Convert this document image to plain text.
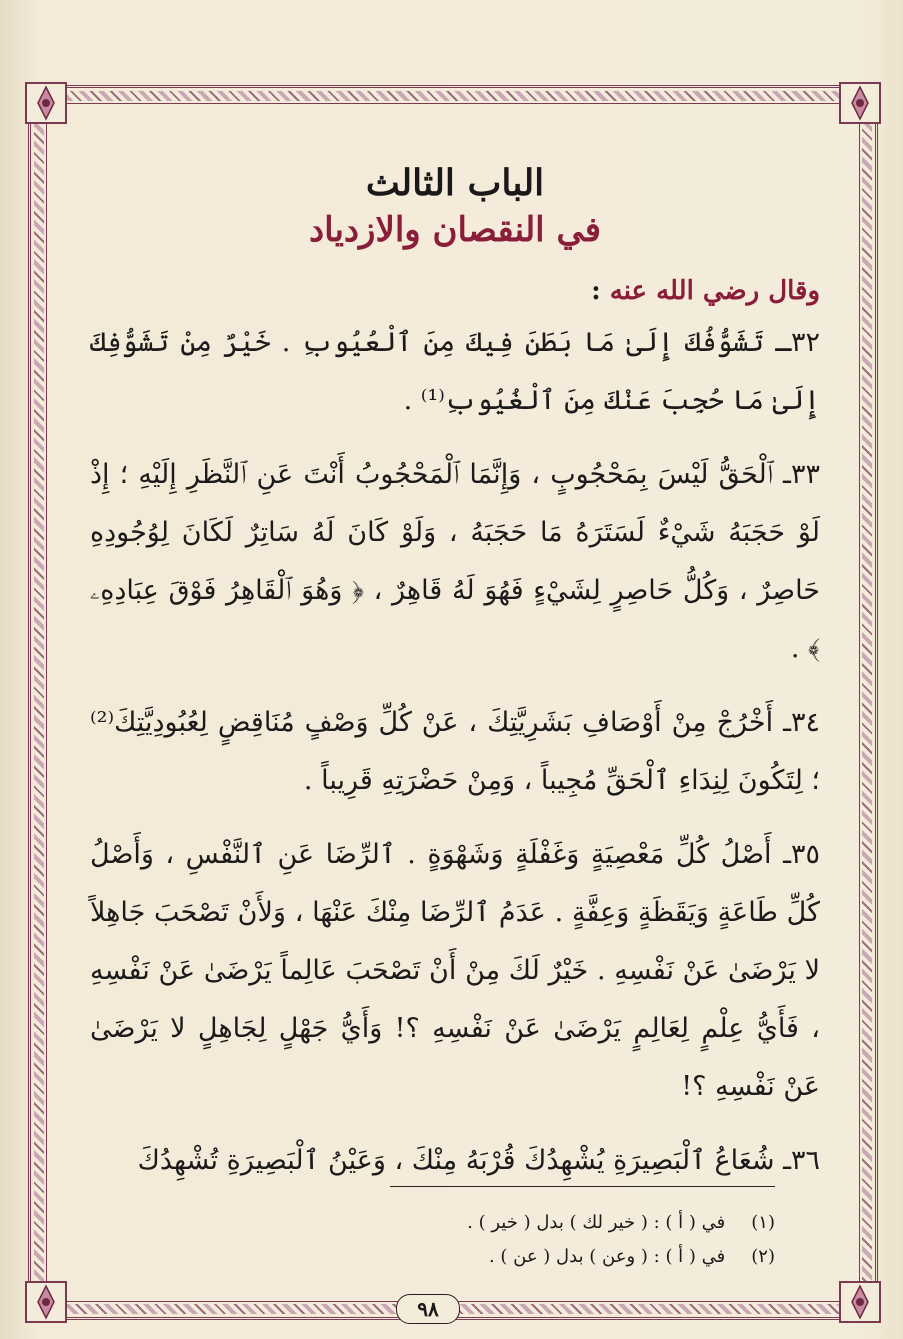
الباب الثالث
في النقصان والازدياد
وقال رضي الله عنه :

٣٢ـ تَشَوُّفُكَ إِلَىٰ مَا بَطَنَ فِيكَ مِنَ ٱلْعُيُوبِ . خَيْرٌ مِنْ تَشَوُّفِكَ إِلَىٰ مَا حُجِبَ عَنْكَ مِنَ ٱلْغُيُوبِ⁽¹⁾ .

٣٣ـ ٱلْحَقُّ لَيْسَ بِمَحْجُوبٍ ، وَإِنَّمَا ٱلْمَحْجُوبُ أَنْتَ عَنِ ٱلنَّظَرِ إِلَيْهِ ؛ إِذْ لَوْ حَجَبَهُ شَيْءٌ لَسَتَرَهُ مَا حَجَبَهُ ، وَلَوْ كَانَ لَهُ سَاتِرٌ لَكَانَ لِوُجُودِهِ حَاصِرٌ ، وَكُلُّ حَاصِرٍ لِشَيْءٍ فَهُوَ لَهُ قَاهِرٌ ، ﴿ وَهُوَ ٱلْقَاهِرُ فَوْقَ عِبَادِهِۦ ﴾ .

٣٤ـ أَخْرُجْ مِنْ أَوْصَافِ بَشَرِيَّتِكَ ، عَنْ كُلِّ وَصْفٍ مُنَاقِضٍ لِعُبُودِيَّتِكَ⁽²⁾ ؛ لِتَكُونَ لِنِدَاءِ ٱلْحَقِّ مُجِيباً ، وَمِنْ حَضْرَتِهِ قَرِيباً .

٣٥ـ أَصْلُ كُلِّ مَعْصِيَةٍ وَغَفْلَةٍ وَشَهْوَةٍ . ٱلرِّضَا عَنِ ٱلنَّفْسِ ، وَأَصْلُ كُلِّ طَاعَةٍ وَيَقَظَةٍ وَعِفَّةٍ . عَدَمُ ٱلرِّضَا مِنْكَ عَنْهَا ، وَلأَنْ تَصْحَبَ جَاهِلاً لا يَرْضَىٰ عَنْ نَفْسِهِ . خَيْرٌ لَكَ مِنْ أَنْ تَصْحَبَ عَالِماً يَرْضَىٰ عَنْ نَفْسِهِ ، فَأَيُّ عِلْمٍ لِعَالِمٍ يَرْضَىٰ عَنْ نَفْسِهِ ؟! وَأَيُّ جَهْلٍ لِجَاهِلٍ لا يَرْضَىٰ عَنْ نَفْسِهِ ؟!

٣٦ـ شُعَاعُ ٱلْبَصِيرَةِ يُشْهِدُكَ قُرْبَهُ مِنْكَ ، وَعَيْنُ ٱلْبَصِيرَةِ تُشْهِدُكَ

(١) في ( أ ) : ( خير لك ) بدل ( خير ) .
(٢) في ( أ ) : ( وعن ) بدل ( عن ) .
٩٨
